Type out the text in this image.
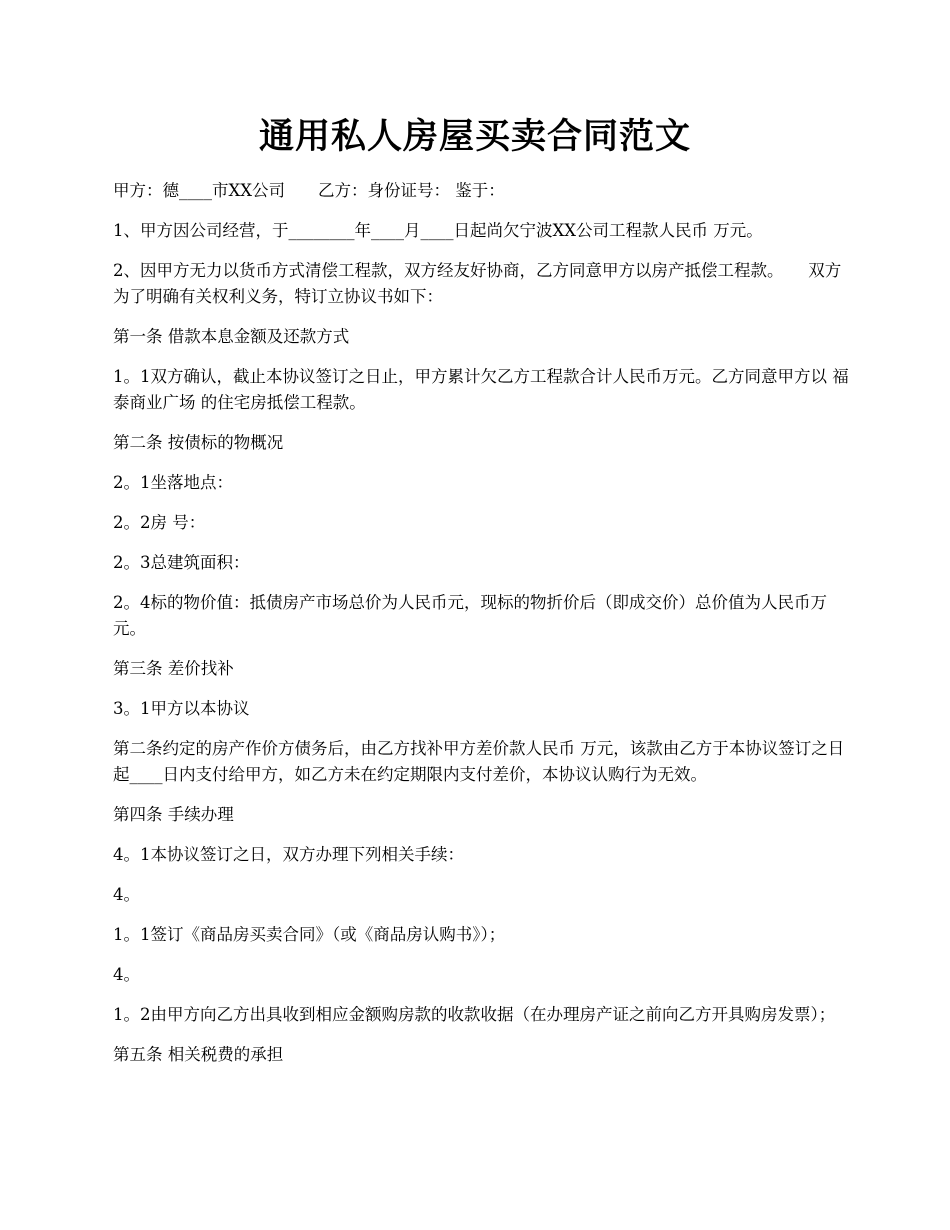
通用私人房屋买卖合同范文

甲方：德____市XX公司　　乙方：身份证号： 鉴于：

1、甲方因公司经营，于________年____月____日起尚欠宁波XX公司工程款人民币 万元。

2、因甲方无力以货币方式清偿工程款，双方经友好协商，乙方同意甲方以房产抵偿工程款。　　双方为了明确有关权利义务，特订立协议书如下：

第一条 借款本息金额及还款方式

1。1双方确认，截止本协议签订之日止，甲方累计欠乙方工程款合计人民币万元。乙方同意甲方以 福泰商业广场 的住宅房抵偿工程款。

第二条 按债标的物概况

2。1坐落地点：

2。2房 号：

2。3总建筑面积：

2。4标的物价值：抵债房产市场总价为人民币元，现标的物折价后（即成交价）总价值为人民币万元。

第三条 差价找补

3。1甲方以本协议

第二条约定的房产作价方债务后，由乙方找补甲方差价款人民币 万元，该款由乙方于本协议签订之日起____日内支付给甲方，如乙方未在约定期限内支付差价，本协议认购行为无效。

第四条 手续办理

4。1本协议签订之日，双方办理下列相关手续：

4。

1。1签订《商品房买卖合同》（或《商品房认购书》）；

4。

1。2由甲方向乙方出具收到相应金额购房款的收款收据（在办理房产证之前向乙方开具购房发票）；

第五条 相关税费的承担
